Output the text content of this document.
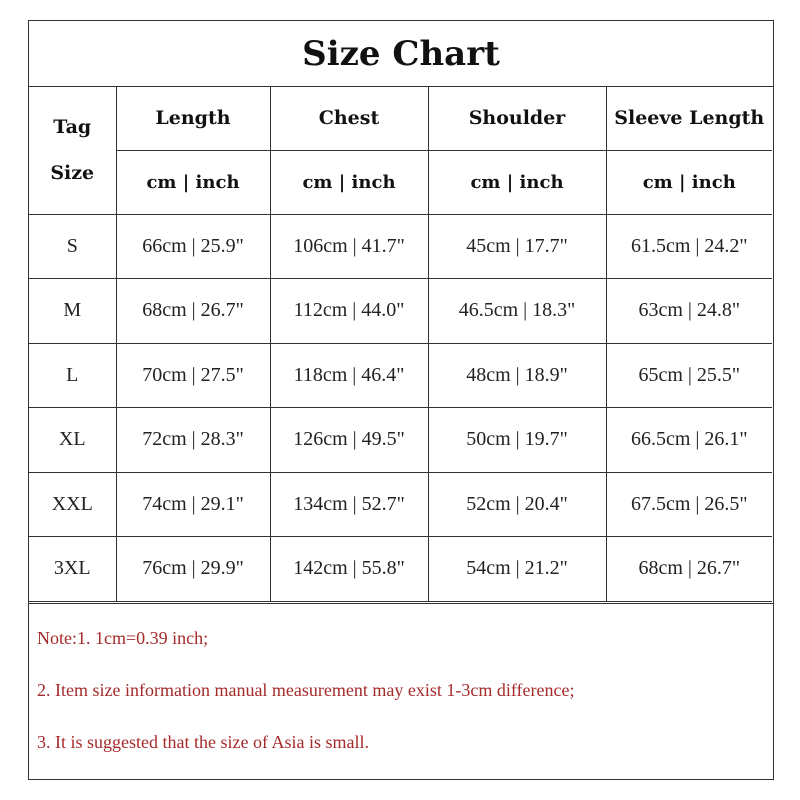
Size Chart
Tag
Size	Length	Chest	Shoulder	Sleeve Length
	cm | inch	cm | inch	cm | inch	cm | inch
S	66cm | 25.9"	106cm | 41.7"	45cm | 17.7"	61.5cm | 24.2"
M	68cm | 26.7"	112cm | 44.0"	46.5cm | 18.3"	63cm | 24.8"
L	70cm | 27.5"	118cm | 46.4"	48cm | 18.9"	65cm | 25.5"
XL	72cm | 28.3"	126cm | 49.5"	50cm | 19.7"	66.5cm | 26.1"
XXL	74cm | 29.1"	134cm | 52.7"	52cm | 20.4"	67.5cm | 26.5"
3XL	76cm | 29.9"	142cm | 55.8"	54cm | 21.2"	68cm | 26.7"
Note:1. 1cm=0.39 inch;
2. Item size information manual measurement may exist 1-3cm difference;
3. It is suggested that the size of Asia is small.
